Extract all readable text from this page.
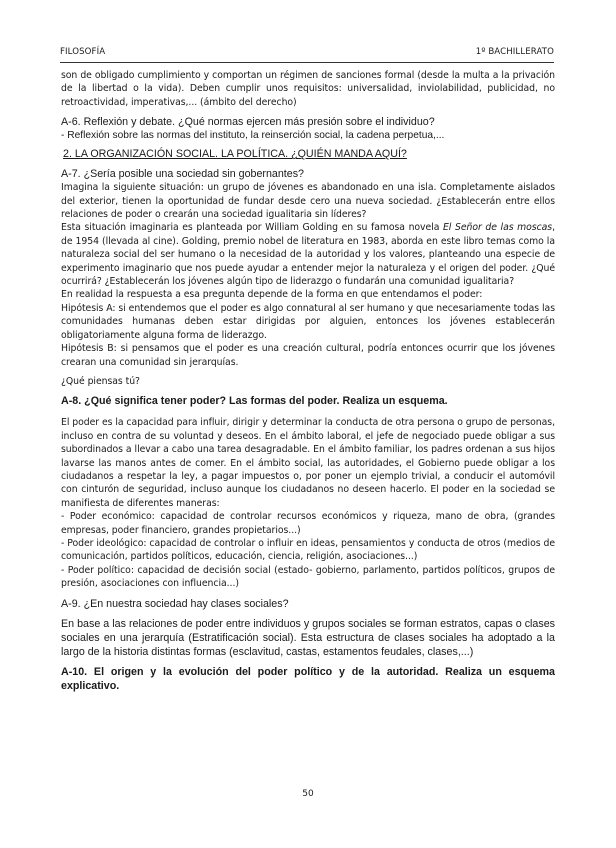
FILOSOFÍA	1º BACHILLERATO

son de obligado cumplimiento y comportan un régimen de sanciones formal (desde la multa a la privación de la libertad o la vida). Deben cumplir unos requisitos: universalidad, inviolabilidad, publicidad, no retroactividad, imperativas,... (ámbito del derecho)

A-6. Reflexión y debate. ¿Qué normas ejercen más presión sobre el individuo?

- Reflexión sobre las normas del instituto, la reinserción social, la cadena perpetua,...

2. LA ORGANIZACIÓN SOCIAL. LA POLÍTICA. ¿QUIÉN MANDA AQUÍ?

A-7. ¿Sería posible una sociedad sin gobernantes?

Imagina la siguiente situación: un grupo de jóvenes es abandonado en una isla. Completamente aislados del exterior, tienen la oportunidad de fundar desde cero una nueva sociedad. ¿Establecerán entre ellos relaciones de poder o crearán una sociedad igualitaria sin líderes?

Esta situación imaginaria es planteada por William Golding en su famosa novela El Señor de las moscas, de 1954 (llevada al cine). Golding, premio nobel de literatura en 1983, aborda en este libro temas como la naturaleza social del ser humano o la necesidad de la autoridad y los valores, planteando una especie de experimento imaginario que nos puede ayudar a entender mejor la naturaleza y el origen del poder. ¿Qué ocurrirá? ¿Establecerán los jóvenes algún tipo de liderazgo o fundarán una comunidad igualitaria?

En realidad la respuesta a esa pregunta depende de la forma en que entendamos el poder:

Hipótesis A: si entendemos que el poder es algo connatural al ser humano y que necesariamente todas las comunidades humanas deben estar dirigidas por alguien, entonces los jóvenes establecerán obligatoriamente alguna forma de liderazgo.

Hipótesis B: si pensamos que el poder es una creación cultural, podría entonces ocurrir que los jóvenes crearan una comunidad sin jerarquías.

¿Qué piensas tú?

A-8. ¿Qué significa tener poder? Las formas del poder. Realiza un esquema.

El poder es la capacidad para influir, dirigir y determinar la conducta de otra persona o grupo de personas, incluso en contra de su voluntad y deseos. En el ámbito laboral, el jefe de negociado puede obligar a sus subordinados a llevar a cabo una tarea desagradable. En el ámbito familiar, los padres ordenan a sus hijos lavarse las manos antes de comer. En el ámbito social, las autoridades, el Gobierno puede obligar a los ciudadanos a respetar la ley, a pagar impuestos o, por poner un ejemplo trivial, a conducir el automóvil con cinturón de seguridad, incluso aunque los ciudadanos no deseen hacerlo. El poder en la sociedad se manifiesta de diferentes maneras:

- Poder económico: capacidad de controlar recursos económicos y riqueza, mano de obra, (grandes empresas, poder financiero, grandes propietarios...)

- Poder ideológico: capacidad de controlar o influir en ideas, pensamientos y conducta de otros (medios de comunicación, partidos políticos, educación, ciencia, religión, asociaciones...)

- Poder político: capacidad de decisión social (estado- gobierno, parlamento, partidos políticos, grupos de presión, asociaciones con influencia...)

A-9. ¿En nuestra sociedad hay clases sociales?

En base a las relaciones de poder entre individuos y grupos sociales se forman estratos, capas o clases sociales en una jerarquía (Estratificación social). Esta estructura de clases sociales ha adoptado a la largo de la historia distintas formas (esclavitud, castas, estamentos feudales, clases,...)

A-10. El origen y la evolución del poder político y de la autoridad. Realiza un esquema explicativo.

50
